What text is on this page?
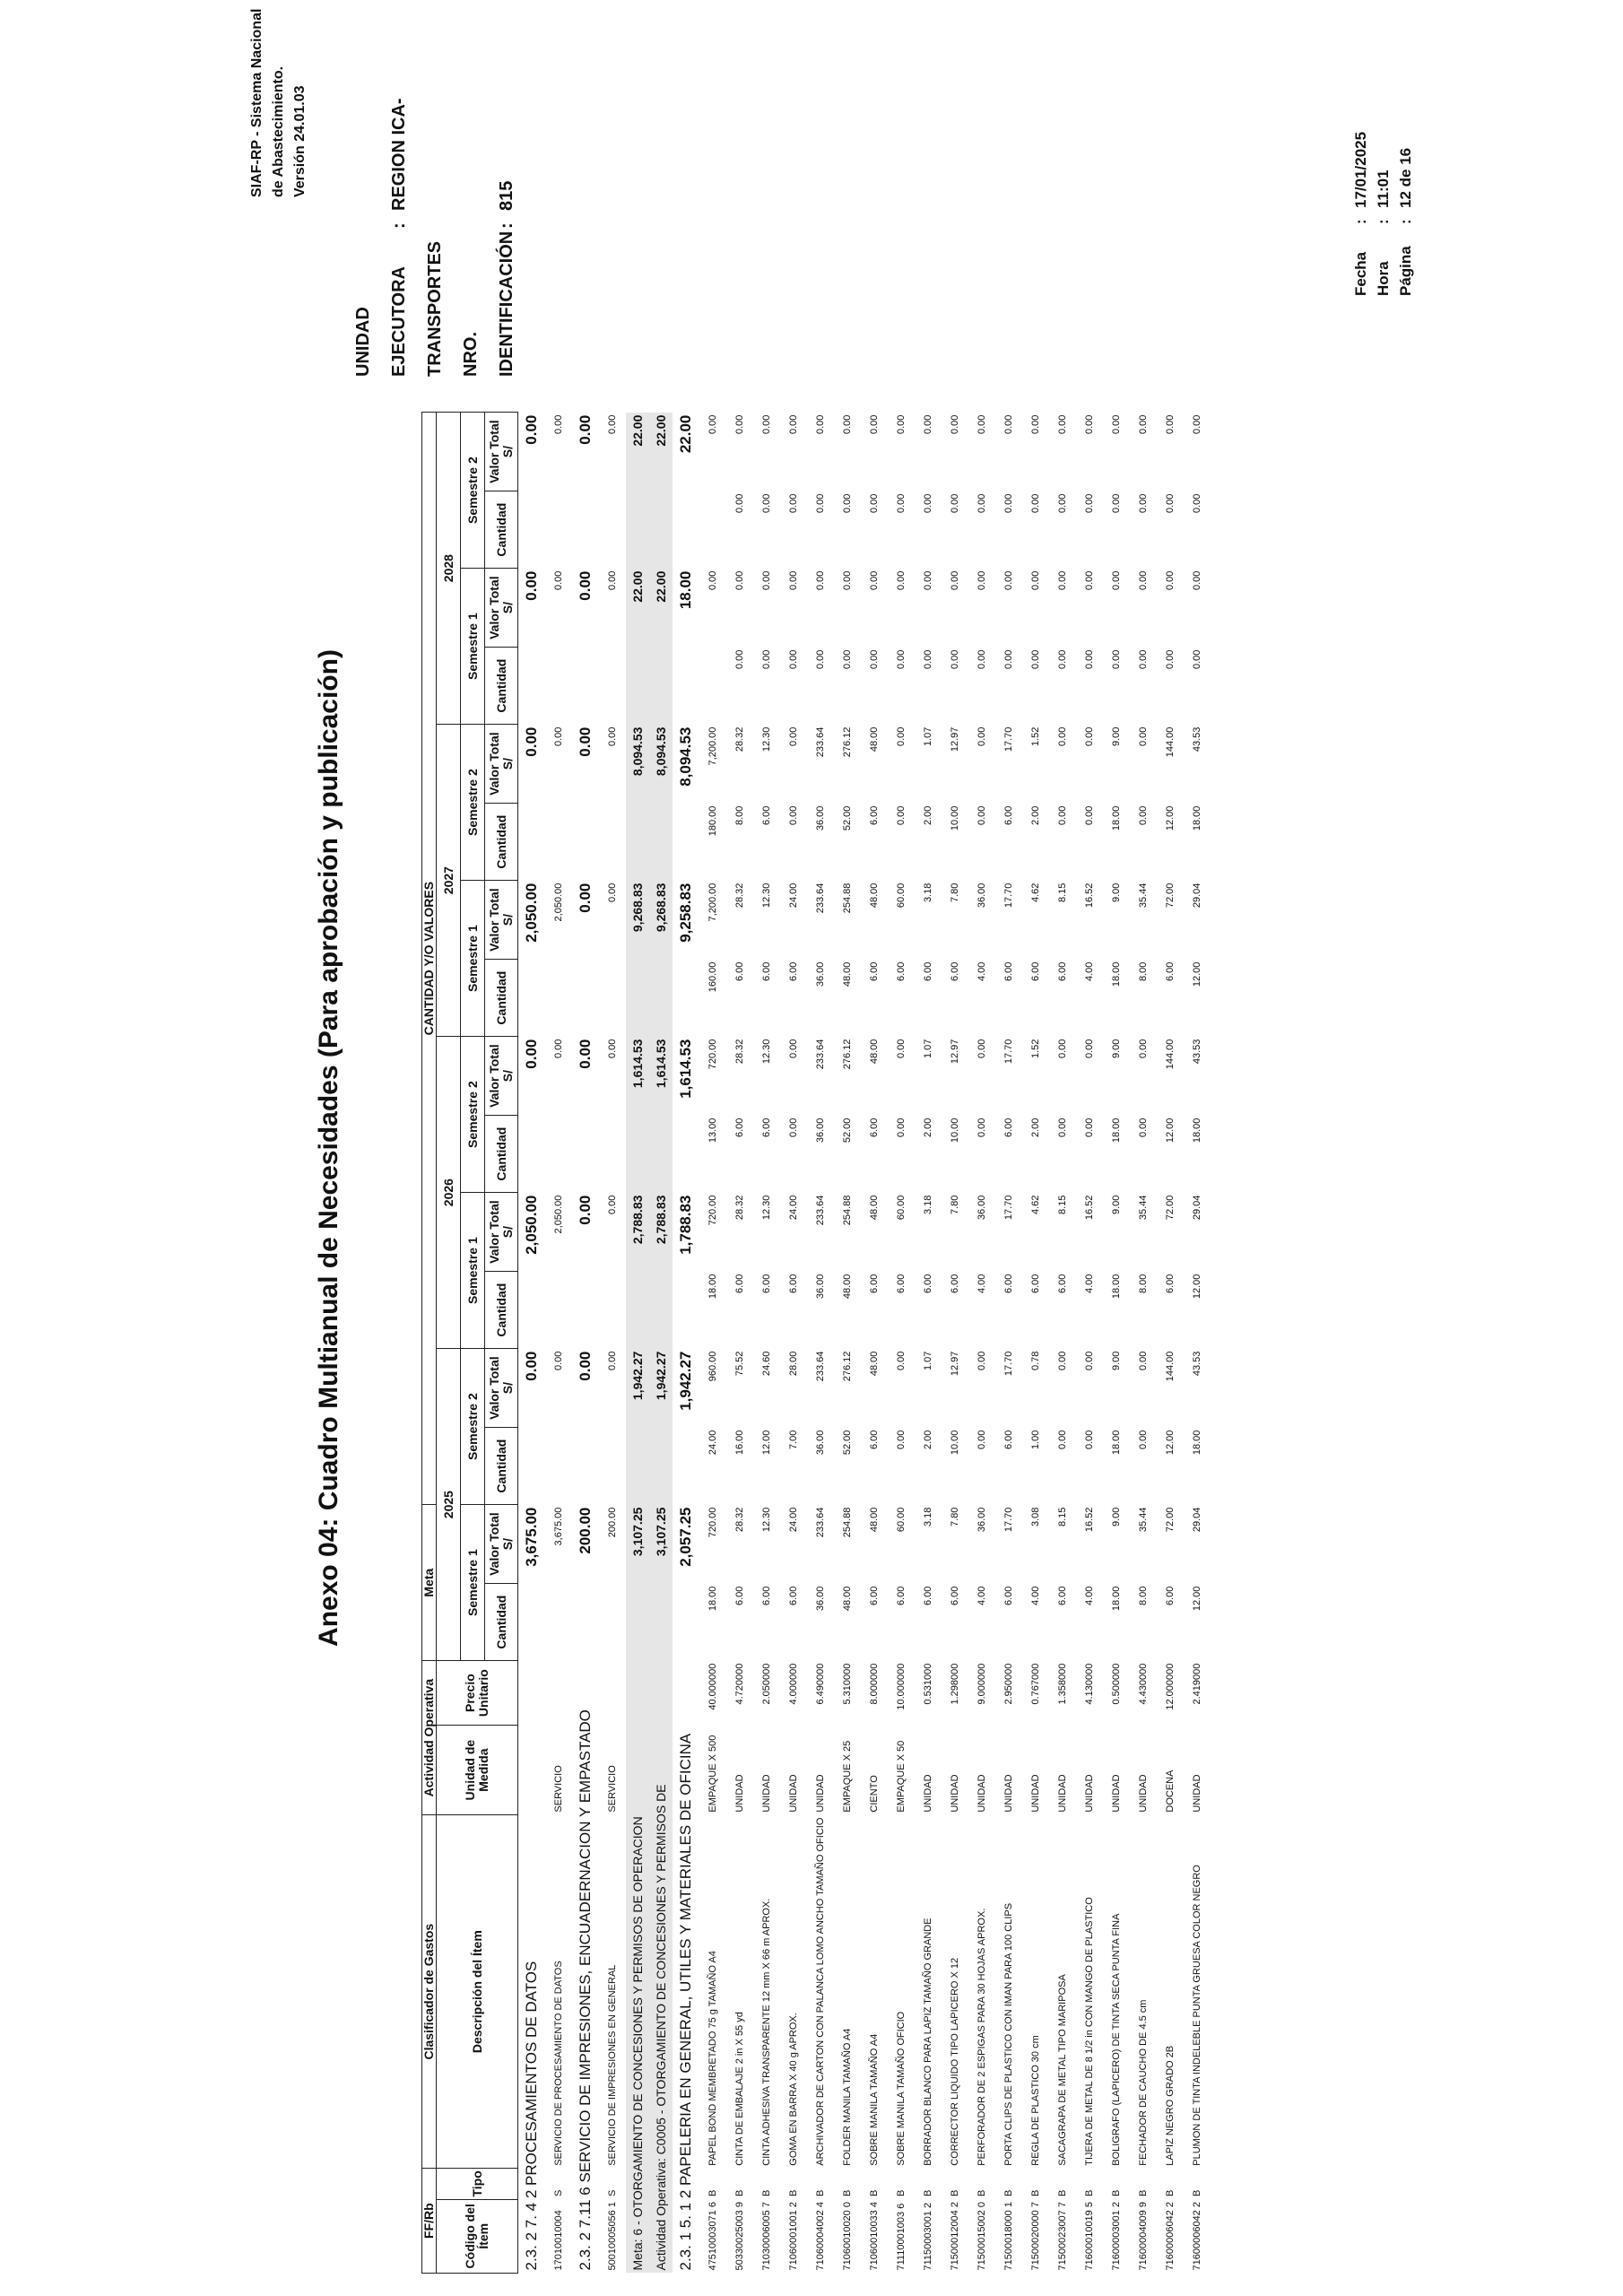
SIAF-RP - Sistema Nacional de Abastecimiento. Versión 24.01.03
Anexo 04: Cuadro Multianual de Necesidades (Para aprobación y publicación)
UNIDAD EJECUTORA:REGION ICA-TRANSPORTES NRO. IDENTIFICACIÓN:815
Fecha:17/01/2025
Hora:11:01
Página:12 de 16
FF/Rb		Clasificador de Gastos	Actividad Operativa		Meta		CANTIDAD Y/O VALORES													
Código del Ítem	Tipo	Descripción del Ítem	Unidad de Medida	Precio Unitario	2025				2026				2027				2028			
					Semestre 1		Semestre 2		Semestre 1		Semestre 2		Semestre 1		Semestre 2		Semestre 1		Semestre 2	
					Cantidad	Valor Total S/	Cantidad	Valor Total S/	Cantidad	Valor Total S/	Cantidad	Valor Total S/	Cantidad	Valor Total S/	Cantidad	Valor Total S/	Cantidad	Valor Total S/	Cantidad	Valor Total S/
2.3. 2 7. 4 2 PROCESAMIENTOS DE DATOS						3,675.00		0.00		2,050.00		0.00		2,050.00		0.00		0.00		0.00
17010010004	S	SERVICIO DE PROCESAMIENTO DE DATOS	SERVICIO			3,675.00		0.00		2,050.00		0.00		2,050.00		0.00		0.00		0.00
2.3. 2 7.11 6 SERVICIO DE IMPRESIONES, ENCUADERNACION Y EMPASTADO						200.00		0.00		0.00		0.00		0.00		0.00		0.00		0.00
50010005056 1	S	SERVICIO DE IMPRESIONES EN GENERAL	SERVICIO			200.00		0.00		0.00		0.00		0.00		0.00		0.00		0.00
Meta: 6 - OTORGAMIENTO DE CONCESIONES Y PERMISOS DE OPERACION						3,107.25		1,942.27		2,788.83		1,614.53		9,268.83		8,094.53		22.00		22.00
Actividad Operativa: C0005 - OTORGAMIENTO DE CONCESIONES Y PERMISOS DE						3,107.25		1,942.27		2,788.83		1,614.53		9,268.83		8,094.53		22.00		22.00
2.3. 1 5. 1 2 PAPELERIA EN GENERAL, UTILES Y MATERIALES DE OFICINA						2,057.25		1,942.27		1,788.83		1,614.53		9,258.83		8,094.53		18.00		22.00
47510003071 6	B	PAPEL BOND MEMBRETADO 75 g TAMAÑO A4	EMPAQUE X 500	40.000000	18.00	720.00	24.00	960.00	18.00	720.00	13.00	720.00	160.00	7,200.00	180.00	7,200.00		0.00		0.00
50330025003 9	B	CINTA DE EMBALAJE 2 in X 55 yd	UNIDAD	4.720000	6.00	28.32	16.00	75.52	6.00	28.32	6.00	28.32	6.00	28.32	8.00	28.32	0.00	0.00	0.00	0.00
71030006005 7	B	CINTA ADHESIVA TRANSPARENTE 12 mm X 66 m APROX.	UNIDAD	2.050000	6.00	12.30	12.00	24.60	6.00	12.30	6.00	12.30	6.00	12.30	6.00	12.30	0.00	0.00	0.00	0.00
71060001001 2	B	GOMA EN BARRA X 40 g APROX.	UNIDAD	4.000000	6.00	24.00	7.00	28.00	6.00	24.00	0.00	0.00	6.00	24.00	0.00	0.00	0.00	0.00	0.00	0.00
71060004002 4	B	ARCHIVADOR DE CARTON CON PALANCA LOMO ANCHO TAMAÑO OFICIO	UNIDAD	6.490000	36.00	233.64	36.00	233.64	36.00	233.64	36.00	233.64	36.00	233.64	36.00	233.64	0.00	0.00	0.00	0.00
71060010020 0	B	FOLDER MANILA TAMAÑO A4	EMPAQUE X 25	5.310000	48.00	254.88	52.00	276.12	48.00	254.88	52.00	276.12	48.00	254.88	52.00	276.12	0.00	0.00	0.00	0.00
71060010033 4	B	SOBRE MANILA TAMAÑO A4	CIENTO	8.000000	6.00	48.00	6.00	48.00	6.00	48.00	6.00	48.00	6.00	48.00	6.00	48.00	0.00	0.00	0.00	0.00
71110001003 6	B	SOBRE MANILA TAMAÑO OFICIO	EMPAQUE X 50	10.000000	6.00	60.00	0.00	0.00	6.00	60.00	0.00	0.00	6.00	60.00	0.00	0.00	0.00	0.00	0.00	0.00
71150003001 2	B	BORRADOR BLANCO PARA LAPIZ TAMAÑO GRANDE	UNIDAD	0.531000	6.00	3.18	2.00	1.07	6.00	3.18	2.00	1.07	6.00	3.18	2.00	1.07	0.00	0.00	0.00	0.00
71500012004 2	B	CORRECTOR LIQUIDO TIPO LAPICERO X 12	UNIDAD	1.298000	6.00	7.80	10.00	12.97	6.00	7.80	10.00	12.97	6.00	7.80	10.00	12.97	0.00	0.00	0.00	0.00
71500015002 0	B	PERFORADOR DE 2 ESPIGAS PARA 30 HOJAS APROX.	UNIDAD	9.000000	4.00	36.00	0.00	0.00	4.00	36.00	0.00	0.00	4.00	36.00	0.00	0.00	0.00	0.00	0.00	0.00
71500018000 1	B	PORTA CLIPS DE PLASTICO CON IMAN PARA 100 CLIPS	UNIDAD	2.950000	6.00	17.70	6.00	17.70	6.00	17.70	6.00	17.70	6.00	17.70	6.00	17.70	0.00	0.00	0.00	0.00
71500020000 7	B	REGLA DE PLASTICO 30 cm	UNIDAD	0.767000	4.00	3.08	1.00	0.78	6.00	4.62	2.00	1.52	6.00	4.62	2.00	1.52	0.00	0.00	0.00	0.00
71500023007 7	B	SACAGRAPA DE METAL TIPO MARIPOSA	UNIDAD	1.358000	6.00	8.15	0.00	0.00	6.00	8.15	0.00	0.00	6.00	8.15	0.00	0.00	0.00	0.00	0.00	0.00
71600010019 5	B	TIJERA DE METAL DE 8 1/2 in CON MANGO DE PLASTICO	UNIDAD	4.130000	4.00	16.52	0.00	0.00	4.00	16.52	0.00	0.00	4.00	16.52	0.00	0.00	0.00	0.00	0.00	0.00
71600003001 2	B	BOLIGRAFO (LAPICERO) DE TINTA SECA PUNTA FINA	UNIDAD	0.500000	18.00	9.00	18.00	9.00	18.00	9.00	18.00	9.00	18.00	9.00	18.00	9.00	0.00	0.00	0.00	0.00
71600004009 9	B	FECHADOR DE CAUCHO DE 4.5 cm	UNIDAD	4.430000	8.00	35.44	0.00	0.00	8.00	35.44	0.00	0.00	8.00	35.44	0.00	0.00	0.00	0.00	0.00	0.00
71600006042 2	B	LAPIZ NEGRO GRADO 2B	DOCENA	12.000000	6.00	72.00	12.00	144.00	6.00	72.00	12.00	144.00	6.00	72.00	12.00	144.00	0.00	0.00	0.00	0.00
71600006042 2	B	PLUMON DE TINTA INDELEBLE PUNTA GRUESA COLOR NEGRO	UNIDAD	2.419000	12.00	29.04	18.00	43.53	12.00	29.04	18.00	43.53	12.00	29.04	18.00	43.53	0.00	0.00	0.00	0.00
